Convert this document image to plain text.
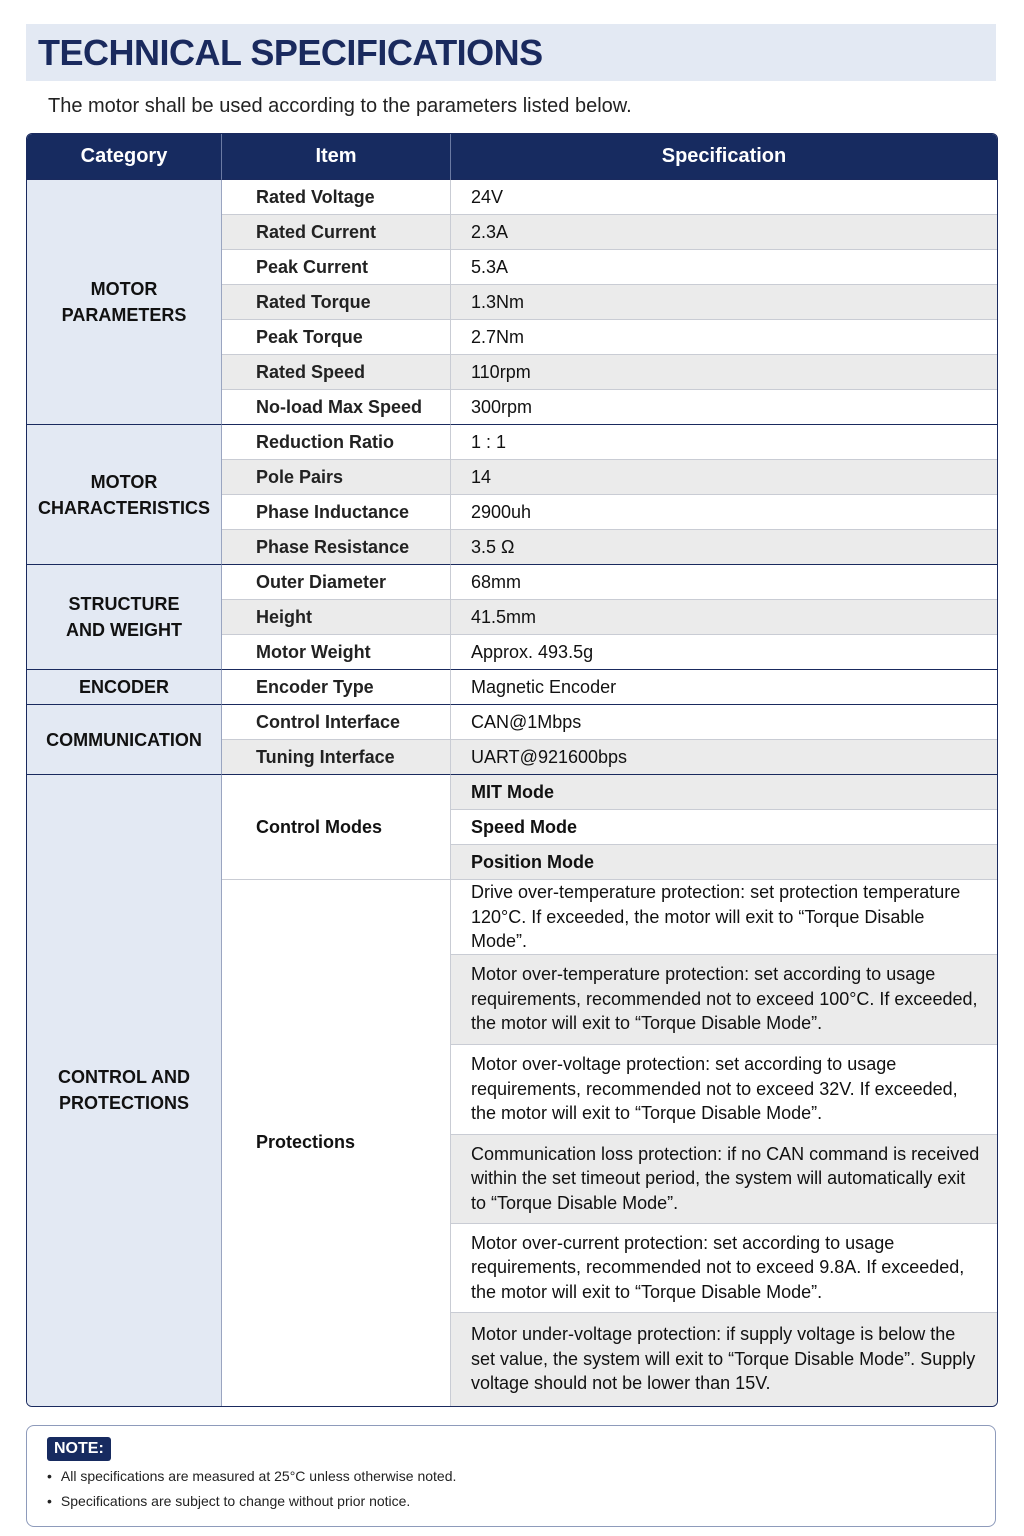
TECHNICAL SPECIFICATIONS
The motor shall be used according to the parameters listed below.
Category	Item	Specification

MOTOR
PARAMETERS	Rated Voltage	24V
	Rated Current	2.3A
	Peak Current	5.3A
	Rated Torque	1.3Nm
	Peak Torque	2.7Nm
	Rated Speed	110rpm
	No-load Max Speed	300rpm

MOTOR
CHARACTERISTICS	Reduction Ratio	1 : 1
	Pole Pairs	14
	Phase Inductance	2900uh
	Phase Resistance	3.5 Ω

STRUCTURE
AND WEIGHT	Outer Diameter	68mm
	Height	41.5mm
	Motor Weight	Approx. 493.5g

ENCODER	Encoder Type	Magnetic Encoder

COMMUNICATION	Control Interface	CAN@1Mbps
	Tuning Interface	UART@921600bps

CONTROL AND
PROTECTIONS	Control Modes	MIT Mode
		Speed Mode
		Position Mode
	Protections	Drive over-temperature protection: set protection temperature 120°C. If exceeded, the motor will exit to “Torque Disable Mode”.
		Motor over-temperature protection: set according to usage requirements, recommended not to exceed 100°C. If exceeded, the motor will exit to “Torque Disable Mode”.
		Motor over-voltage protection: set according to usage requirements, recommended not to exceed 32V. If exceeded, the motor will exit to “Torque Disable Mode”.
		Communication loss protection: if no CAN command is received within the set timeout period, the system will automatically exit to “Torque Disable Mode”.
		Motor over-current protection: set according to usage requirements, recommended not to exceed 9.8A. If exceeded, the motor will exit to “Torque Disable Mode”.
		Motor under-voltage protection: if supply voltage is below the set value, the system will exit to “Torque Disable Mode”. Supply voltage should not be lower than 15V.
NOTE:
• All specifications are measured at 25°C unless otherwise noted.
• Specifications are subject to change without prior notice.
